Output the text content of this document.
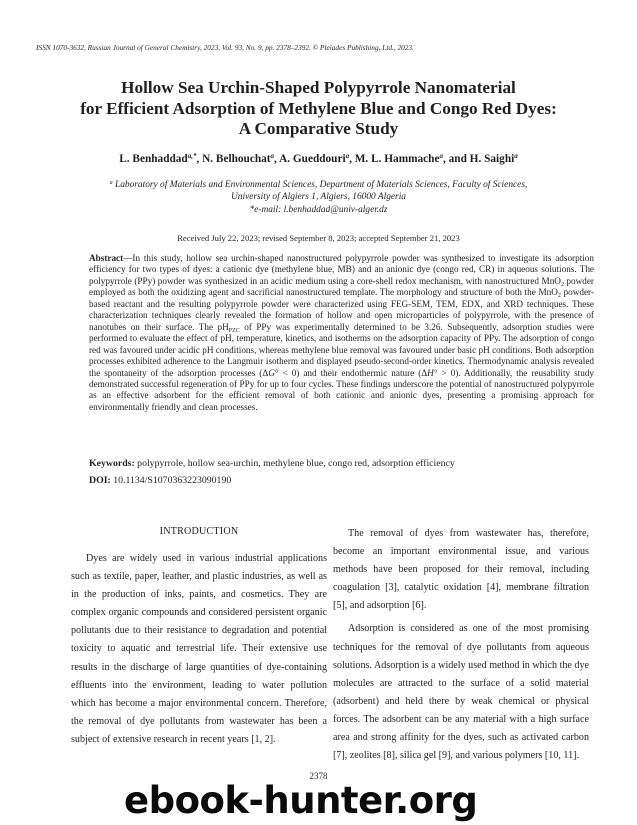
ISSN 1070-3632, Russian Journal of General Chemistry, 2023, Vol. 93, No. 9, pp. 2378–2392. © Pleiades Publishing, Ltd., 2023.
Hollow Sea Urchin-Shaped Polypyrrole Nanomaterial
for Efficient Adsorption of Methylene Blue and Congo Red Dyes:
A Comparative Study
L. Benhaddad$^{a,*}$, N. Belhouchat$^a$, A. Gueddouri$^a$, M. L. Hammache$^a$, and H. Saighi$^a$
$^a$ Laboratory of Materials and Environmental Sciences, Department of Materials Sciences, Faculty of Sciences,
University of Algiers 1, Algiers, 16000 Algeria
*e-mail: l.benhaddad@univ-alger.dz
Received July 22, 2023; revised September 8, 2023; accepted September 21, 2023

Abstract—In this study, hollow sea urchin-shaped nanostructured polypyrrole powder was synthesized to investigate its adsorption efficiency for two types of dyes: a cationic dye (methylene blue, MB) and an anionic dye (congo red, CR) in aqueous solutions. The polypyrrole (PPy) powder was synthesized in an acidic medium using a core-shell redox mechanism, with nanostructured MnO$_2$ powder employed as both the oxidizing agent and sacrificial nanostructured template. The morphology and structure of both the MnO$_2$ powder-based reactant and the resulting polypyrrole powder were characterized using FEG-SEM, TEM, EDX, and XRD techniques. These characterization techniques clearly revealed the formation of hollow and open microparticles of polypyrrole, with the presence of nanotubes on their surface. The $pH_{PZC}$ of PPy was experimentally determined to be 3.26. Subsequently, adsorption studies were performed to evaluate the effect of pH, temperature, kinetics, and isotherms on the adsorption capacity of PPy. The adsorption of congo red was favoured under acidic pH conditions, whereas methylene blue removal was favoured under basic pH conditions. Both adsorption processes exhibited adherence to the Langmuir isotherm and displayed pseudo-second-order kinetics. Thermodynamic analysis revealed the spontaneity of the adsorption processes (ΔG° < 0) and their endothermic nature (ΔH° > 0). Additionally, the reusability study demonstrated successful regeneration of PPy for up to four cycles. These findings underscore the potential of nanostructured polypyrrole as an effective adsorbent for the efficient removal of both cationic and anionic dyes, presenting a promising approach for environmentally friendly and clean processes.

Keywords: polypyrrole, hollow sea-urchin, methylene blue, congo red, adsorption efficiency
DOI: 10.1134/S1070363223090190
INTRODUCTION

Dyes are widely used in various industrial applications such as textile, paper, leather, and plastic industries, as well as in the production of inks, paints, and cosmetics. They are complex organic compounds and considered persistent organic pollutants due to their resistance to degradation and potential toxicity to aquatic and terrestrial life. Their extensive use results in the discharge of large quantities of dye-containing effluents into the environment, leading to water pollution which has become a major environmental concern. Therefore, the removal of dye pollutants from wastewater has been a subject of extensive research in recent years [1, 2].

The removal of dyes from wastewater has, therefore, become an important environmental issue, and various methods have been proposed for their removal, including coagulation [3], catalytic oxidation [4], membrane filtration [5], and adsorption [6].

Adsorption is considered as one of the most promising techniques for the removal of dye pollutants from aqueous solutions. Adsorption is a widely used method in which the dye molecules are attracted to the surface of a solid material (adsorbent) and held there by weak chemical or physical forces. The adsorbent can be any material with a high surface area and strong affinity for the dyes, such as activated carbon [7], zeolites [8], silica gel [9], and various polymers [10, 11].

2378
ebook-hunter.org
